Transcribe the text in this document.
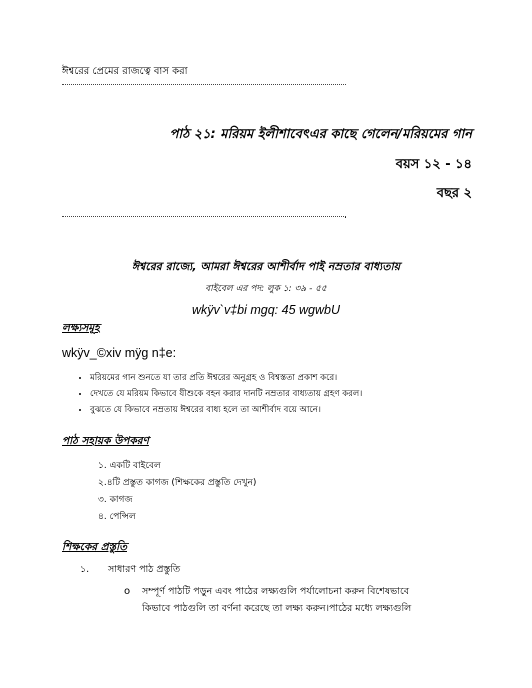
ঈশ্বরের প্রেমের রাজত্বে বাস করা
পাঠ ২১: মরিয়ম ইলীশাবেৎএর কাছে গেলেন/মরিয়মের গান
বয়স ১২ - ১৪
বছর ২
.
ঈশ্বরের রাজ্যে, আমরা ঈশ্বরের আশীর্বাদ পাই নম্রতার বাধ্যতায়
বাইবেল এর পদ: লুক ১: ৩৯ - ৫৫
wkÿv`v‡bi mgq: 45 wgwbU
লক্ষ্যসমূহ
wkÿv_©xiv mÿg n‡e:
• মরিয়মের গান শুনতে যা তার প্রতি ঈশ্বরের অনুগ্রহ ও বিশ্বস্ততা প্রকাশ করে।
• দেখতে যে মরিয়ম কিভাবে যীশুকে বহন করার দানটি নম্রতার বাধ্যতায় গ্রহণ করল।
• বুঝতে যে কিভাবে নম্রতায় ঈশ্বরের বাধ্য হলে তা আশীর্বাদ বয়ে আনে।
পাঠ সহায়ক উপকরণ
১. একটি বাইবেল
২.৪টি প্রস্তুত কাগজ (শিক্ষকের প্রস্তুতি দেখুন)
৩. কাগজ
৪. পেন্সিল
শিক্ষকের প্রস্তুতি
১. সাধারণ পাঠ প্রস্তুতি
o সম্পূর্ণ পাঠটি পড়ুন এবং পাঠের লক্ষ্যগুলি পর্যালোচনা করুন বিশেষভাবে
কিভাবে পাঠগুলি তা বর্ণনা করেছে তা লক্ষ্য করুন।পাঠের মধ্যে লক্ষ্যগুলি
